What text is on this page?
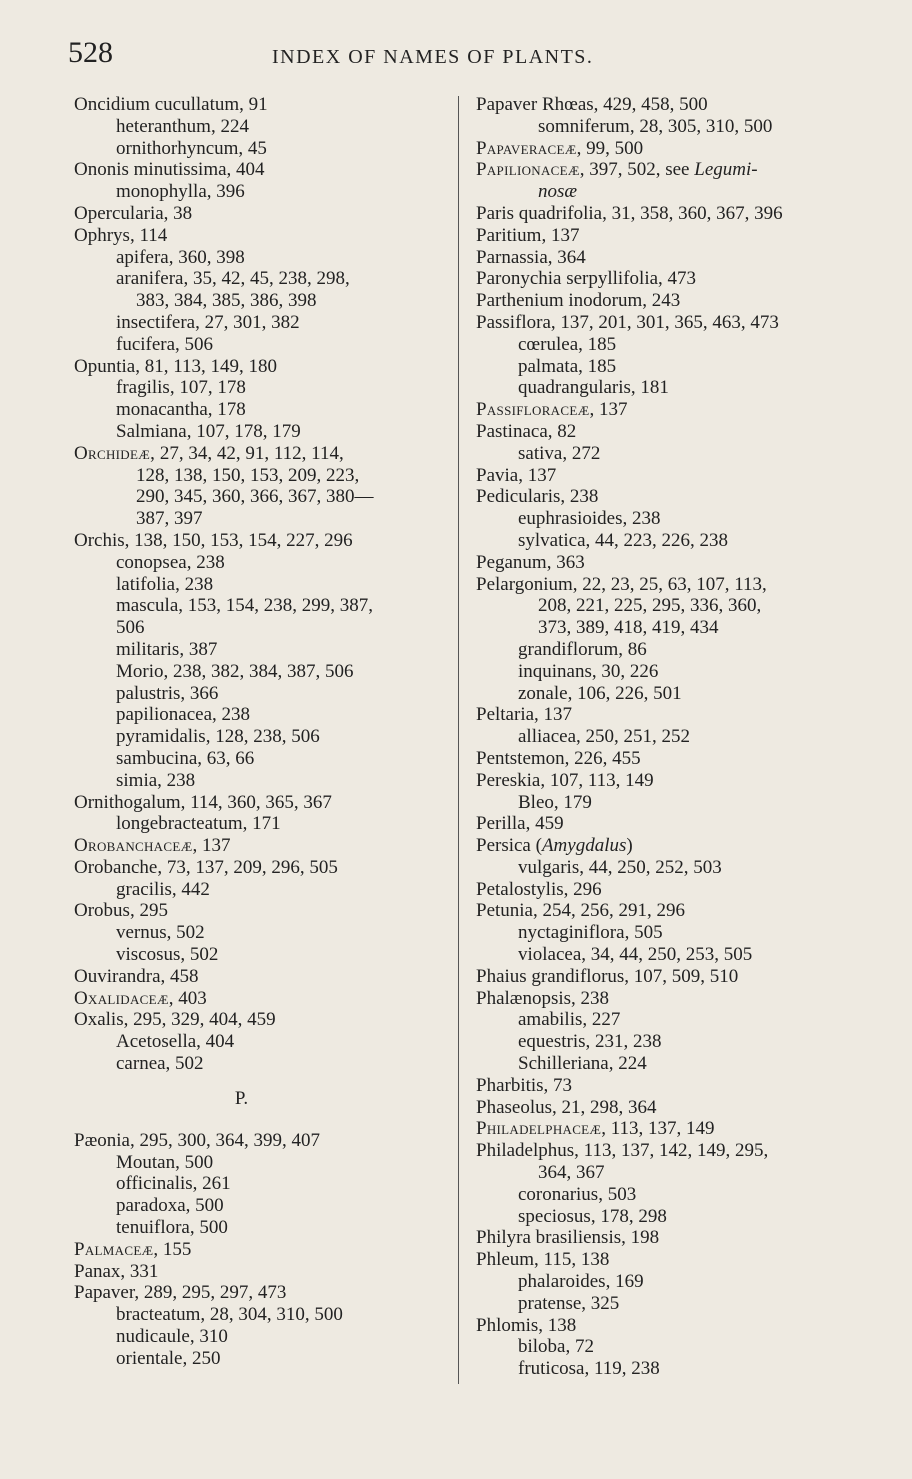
528	INDEX OF NAMES OF PLANTS.
Oncidium cucullatum, 91
heteranthum, 224
ornithorhyncum, 45
Ononis minutissima, 404
monophylla, 396
Opercularia, 38
Ophrys, 114
apifera, 360, 398
aranifera, 35, 42, 45, 238, 298,
383, 384, 385, 386, 398
insectifera, 27, 301, 382
fucifera, 506
Opuntia, 81, 113, 149, 180
fragilis, 107, 178
monacantha, 178
Salmiana, 107, 178, 179
Orchideæ, 27, 34, 42, 91, 112, 114,
128, 138, 150, 153, 209, 223,
290, 345, 360, 366, 367, 380—
387, 397
Orchis, 138, 150, 153, 154, 227, 296
conopsea, 238
latifolia, 238
mascula, 153, 154, 238, 299, 387,
506
militaris, 387
Morio, 238, 382, 384, 387, 506
palustris, 366
papilionacea, 238
pyramidalis, 128, 238, 506
sambucina, 63, 66
simia, 238
Ornithogalum, 114, 360, 365, 367
longebracteatum, 171
Orobanchaceæ, 137
Orobanche, 73, 137, 209, 296, 505
gracilis, 442
Orobus, 295
vernus, 502
viscosus, 502
Ouvirandra, 458
Oxalidaceæ, 403
Oxalis, 295, 329, 404, 459
Acetosella, 404
carnea, 502
P.
Pæonia, 295, 300, 364, 399, 407
Moutan, 500
officinalis, 261
paradoxa, 500
tenuiflora, 500
Palmaceæ, 155
Panax, 331
Papaver, 289, 295, 297, 473
bracteatum, 28, 304, 310, 500
nudicaule, 310
orientale, 250
Papaver Rhœas, 429, 458, 500
somniferum, 28, 305, 310, 500
Papaveraceæ, 99, 500
Papilionaceæ, 397, 502, see Legumi-
nosæ
Paris quadrifolia, 31, 358, 360, 367, 396
Paritium, 137
Parnassia, 364
Paronychia serpyllifolia, 473
Parthenium inodorum, 243
Passiflora, 137, 201, 301, 365, 463, 473
cœrulea, 185
palmata, 185
quadrangularis, 181
Passifloraceæ, 137
Pastinaca, 82
sativa, 272
Pavia, 137
Pedicularis, 238
euphrasioides, 238
sylvatica, 44, 223, 226, 238
Peganum, 363
Pelargonium, 22, 23, 25, 63, 107, 113,
208, 221, 225, 295, 336, 360,
373, 389, 418, 419, 434
grandiflorum, 86
inquinans, 30, 226
zonale, 106, 226, 501
Peltaria, 137
alliacea, 250, 251, 252
Pentstemon, 226, 455
Pereskia, 107, 113, 149
Bleo, 179
Perilla, 459
Persica (Amygdalus)
vulgaris, 44, 250, 252, 503
Petalostylis, 296
Petunia, 254, 256, 291, 296
nyctaginiflora, 505
violacea, 34, 44, 250, 253, 505
Phaius grandiflorus, 107, 509, 510
Phalænopsis, 238
amabilis, 227
equestris, 231, 238
Schilleriana, 224
Pharbitis, 73
Phaseolus, 21, 298, 364
Philadelphaceæ, 113, 137, 149
Philadelphus, 113, 137, 142, 149, 295,
364, 367
coronarius, 503
speciosus, 178, 298
Philyra brasiliensis, 198
Phleum, 115, 138
phalaroides, 169
pratense, 325
Phlomis, 138
biloba, 72
fruticosa, 119, 238
